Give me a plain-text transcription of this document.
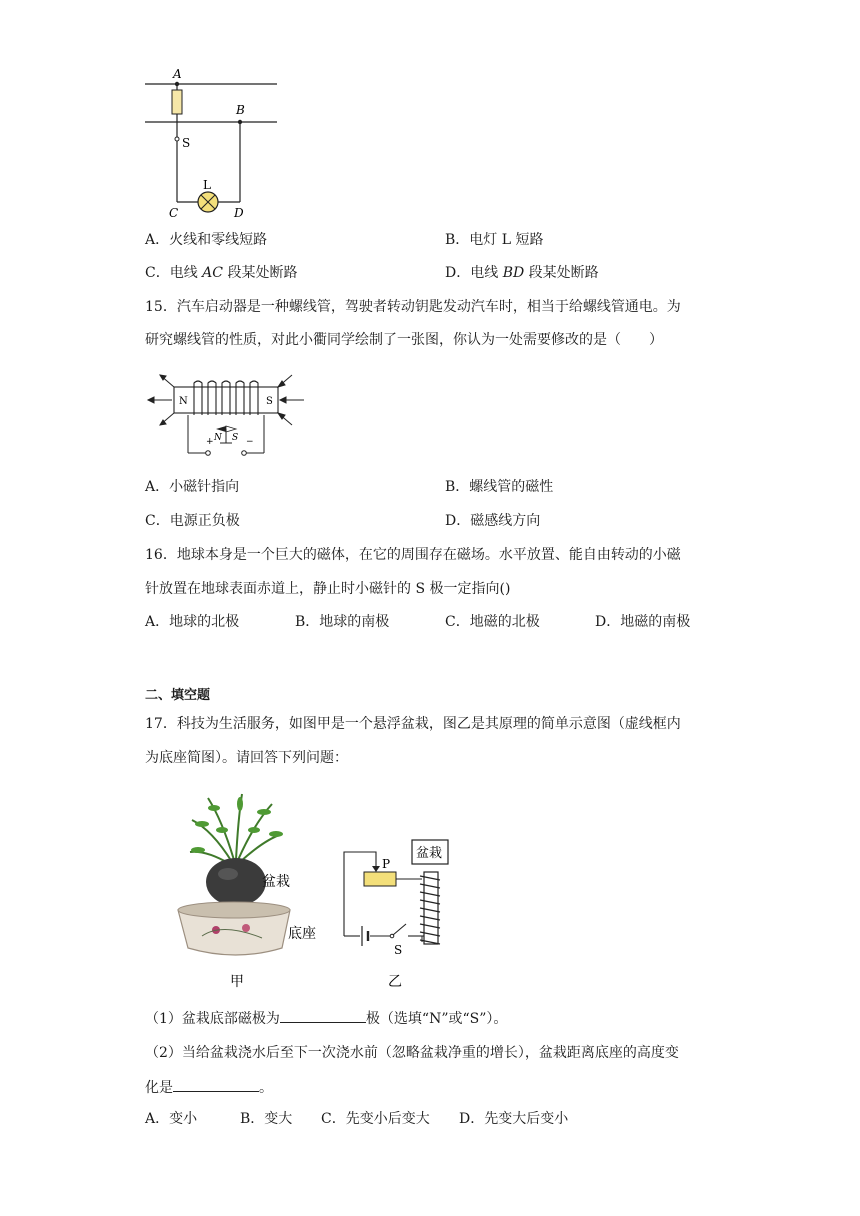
A
B
S
L
C	D
A．火线和零线短路	B．电灯 L 短路
C．电线 AC 段某处断路	D．电线 BD 段某处断路
15．汽车启动器是一种螺线管，驾驶者转动钥匙发动汽车时，相当于给螺线管通电。为
研究螺线管的性质，对此小衢同学绘制了一张图，你认为一处需要修改的是（　　）
N	S
+	−
N S
A．小磁针指向	B．螺线管的磁性
C．电源正负极	D．磁感线方向
16．地球本身是一个巨大的磁体，在它的周围存在磁场。水平放置、能自由转动的小磁
针放置在地球表面赤道上，静止时小磁针的 S 极一定指向()
A．地球的北极	B．地球的南极	C．地磁的北极	D．地磁的南极
二、填空题
17．科技为生活服务，如图甲是一个悬浮盆栽，图乙是其原理的简单示意图（虚线框内
为底座简图）。请回答下列问题：
盆栽
底座
甲
盆栽
P
S
乙
（1）盆栽底部磁极为	极（选填“N”或“S”）。
（2）当给盆栽浇水后至下一次浇水前（忽略盆栽净重的增长），盆栽距离底座的高度变
化是	。
A．变小	B．变大 C．先变小后变大 D．先变大后变小
